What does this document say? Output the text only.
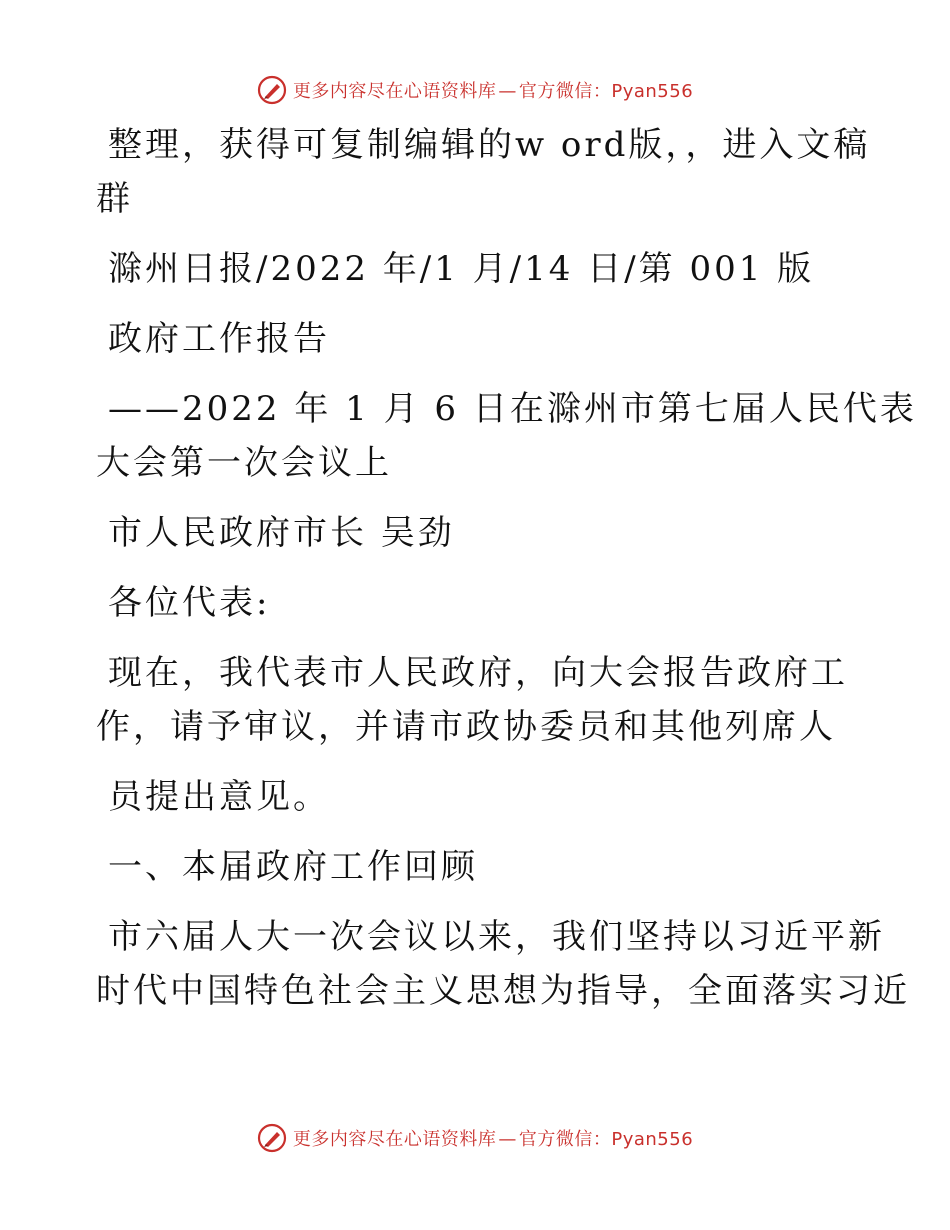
更多内容尽在心语资料库 — 官方微信：Pyan556
整理，获得可复制编辑的w ord版，，进入文稿
群
滁州日报/2022 年/1 月/14 日/第 001 版
政府工作报告
——2022 年 1 月 6 日在滁州市第七届人民代表
大会第一次会议上
市人民政府市长 吴劲
各位代表:
现在，我代表市人民政府，向大会报告政府工
作，请予审议，并请市政协委员和其他列席人
员提出意见。
一、本届政府工作回顾
市六届人大一次会议以来，我们坚持以习近平新
时代中国特色社会主义思想为指导，全面落实习近
更多内容尽在心语资料库 — 官方微信：Pyan556
